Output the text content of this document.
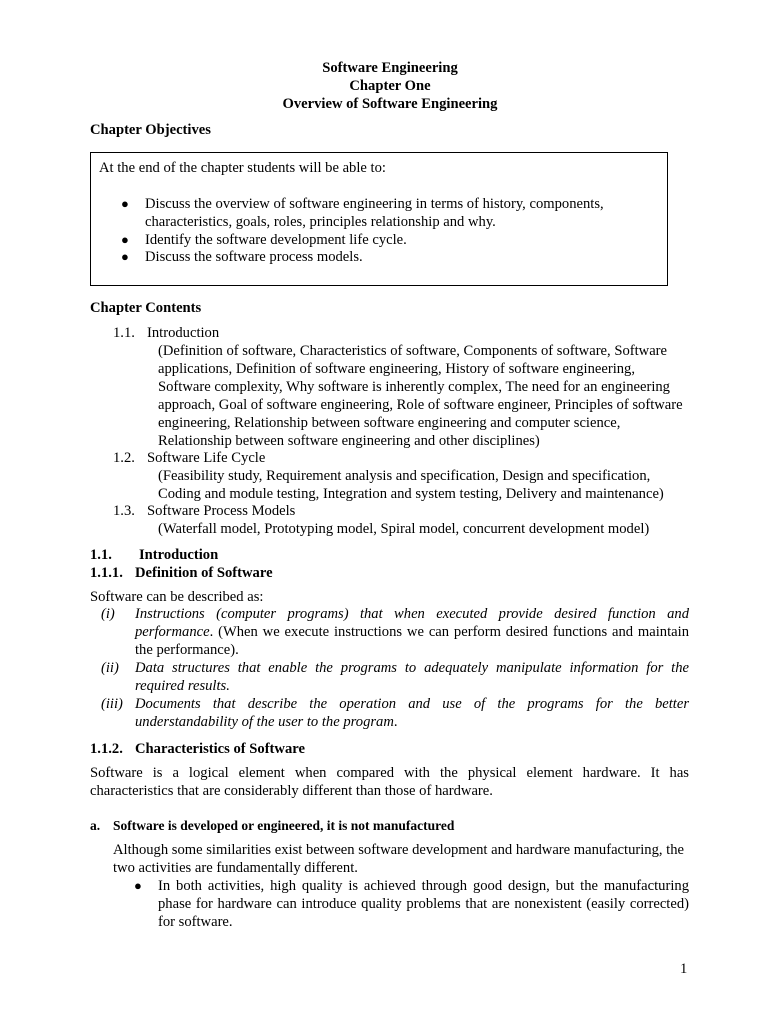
Software Engineering
Chapter One
Overview of Software Engineering
Chapter Objectives
At the end of the chapter students will be able to:
● Discuss the overview of software engineering in terms of history, components, characteristics, goals, roles, principles relationship and why.
● Identify the software development life cycle.
● Discuss the software process models.
Chapter Contents
1.1. Introduction
(Definition of software, Characteristics of software, Components of software, Software applications, Definition of software engineering, History of software engineering, Software complexity, Why software is inherently complex, The need for an engineering approach, Goal of software engineering, Role of software engineer, Principles of software engineering, Relationship between software engineering and computer science, Relationship between software engineering and other disciplines)
1.2. Software Life Cycle
(Feasibility study, Requirement analysis and specification, Design and specification, Coding and module testing, Integration and system testing, Delivery and maintenance)
1.3. Software Process Models
(Waterfall model, Prototyping model, Spiral model, concurrent development model)
1.1. Introduction
1.1.1. Definition of Software
Software can be described as:
(i) Instructions (computer programs) that when executed provide desired function and performance. (When we execute instructions we can perform desired functions and maintain the performance).
(ii) Data structures that enable the programs to adequately manipulate information for the required results.
(iii) Documents that describe the operation and use of the programs for the better understandability of the user to the program.
1.1.2. Characteristics of Software
Software is a logical element when compared with the physical element hardware. It has characteristics that are considerably different than those of hardware.
a. Software is developed or engineered, it is not manufactured
Although some similarities exist between software development and hardware manufacturing, the two activities are fundamentally different.
● In both activities, high quality is achieved through good design, but the manufacturing phase for hardware can introduce quality problems that are nonexistent (easily corrected) for software.
1
